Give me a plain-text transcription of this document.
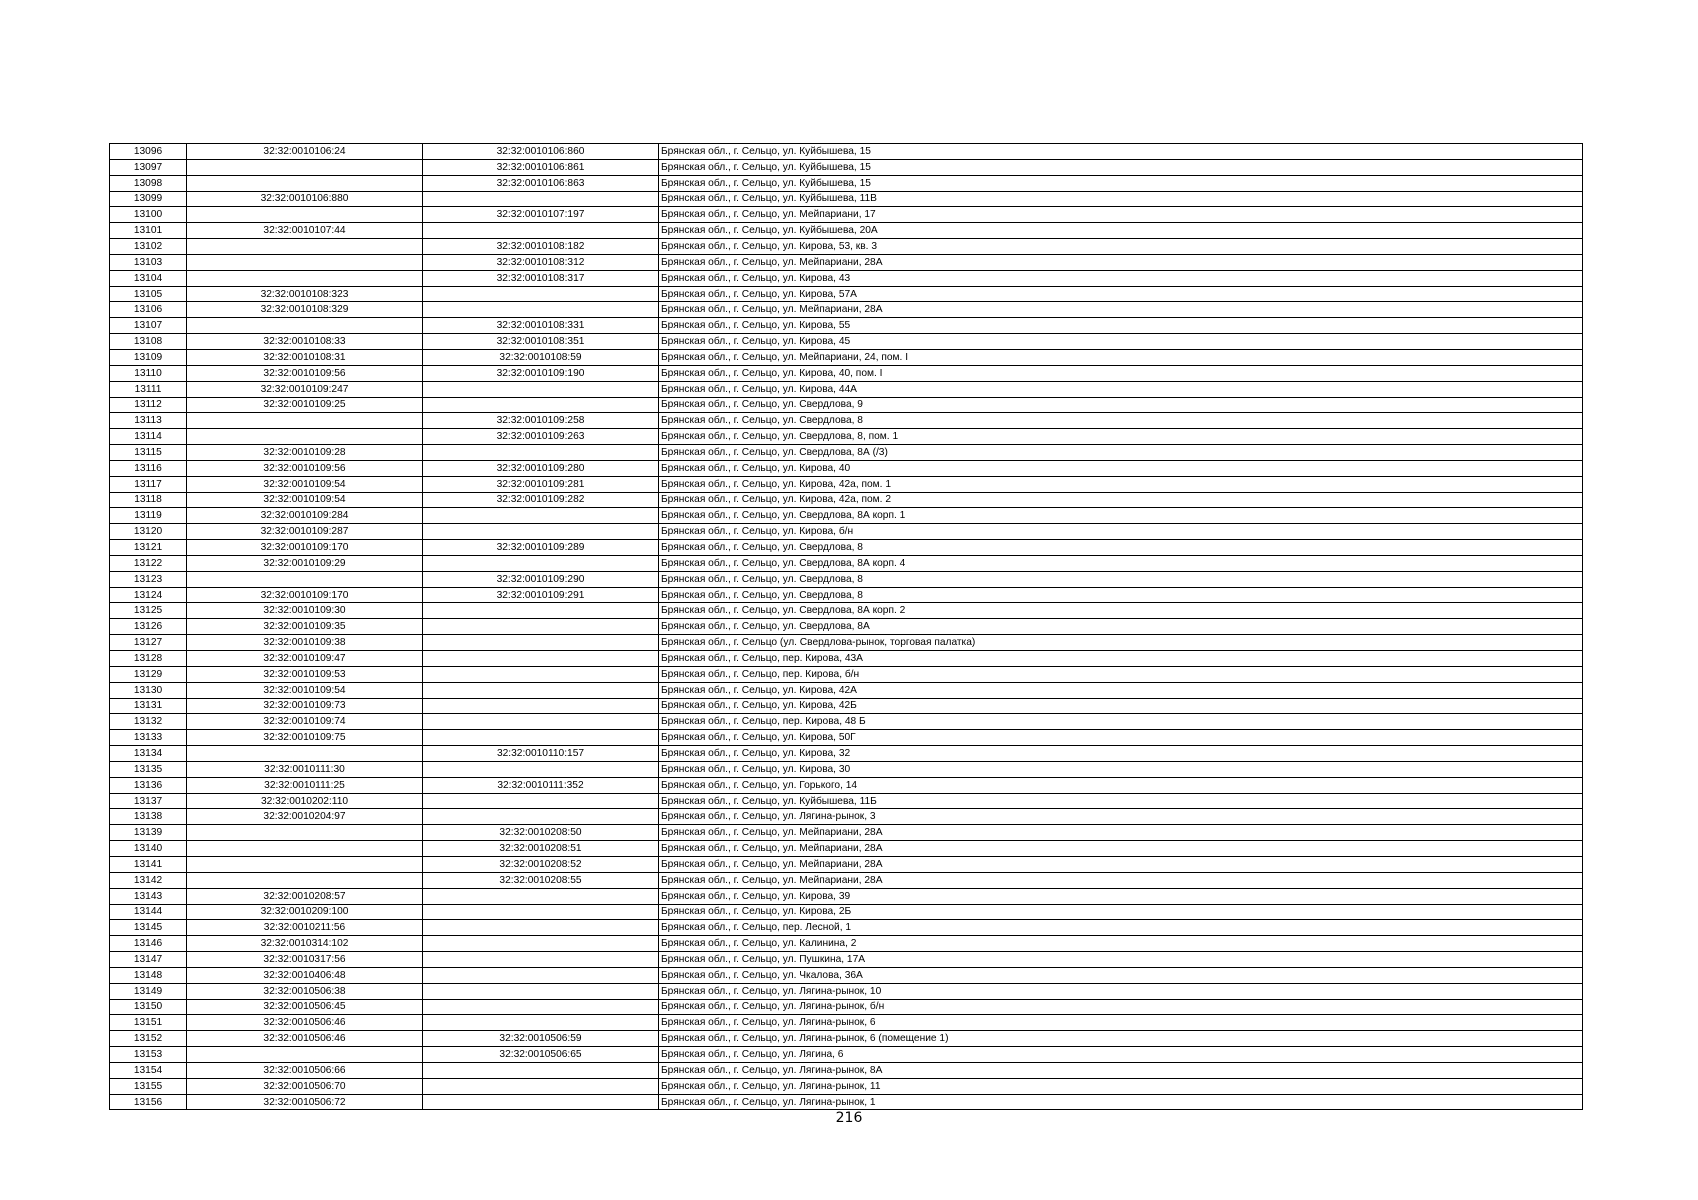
13096	32:32:0010106:24	32:32:0010106:860	Брянская обл., г. Сельцо, ул. Куйбышева, 15
13097		32:32:0010106:861	Брянская обл., г. Сельцо, ул. Куйбышева, 15
13098		32:32:0010106:863	Брянская обл., г. Сельцо, ул. Куйбышева, 15
13099	32:32:0010106:880		Брянская обл., г. Сельцо, ул. Куйбышева, 11В
13100		32:32:0010107:197	Брянская обл., г. Сельцо, ул. Мейпариани, 17
13101	32:32:0010107:44		Брянская обл., г. Сельцо, ул. Куйбышева, 20А
13102		32:32:0010108:182	Брянская обл., г. Сельцо, ул. Кирова, 53, кв. 3
13103		32:32:0010108:312	Брянская обл., г. Сельцо, ул. Мейпариани, 28А
13104		32:32:0010108:317	Брянская обл., г. Сельцо, ул. Кирова, 43
13105	32:32:0010108:323		Брянская обл., г. Сельцо, ул. Кирова, 57А
13106	32:32:0010108:329		Брянская обл., г. Сельцо, ул. Мейпариани, 28А
13107		32:32:0010108:331	Брянская обл., г. Сельцо, ул. Кирова, 55
13108	32:32:0010108:33	32:32:0010108:351	Брянская обл., г. Сельцо, ул. Кирова, 45
13109	32:32:0010108:31	32:32:0010108:59	Брянская обл., г. Сельцо, ул. Мейпариани, 24, пом. I
13110	32:32:0010109:56	32:32:0010109:190	Брянская обл., г. Сельцо, ул. Кирова, 40, пом. I
13111	32:32:0010109:247		Брянская обл., г. Сельцо, ул. Кирова, 44А
13112	32:32:0010109:25		Брянская обл., г. Сельцо, ул. Свердлова, 9
13113		32:32:0010109:258	Брянская обл., г. Сельцо, ул. Свердлова, 8
13114		32:32:0010109:263	Брянская обл., г. Сельцо, ул. Свердлова, 8, пом. 1
13115	32:32:0010109:28		Брянская обл., г. Сельцо, ул. Свердлова, 8А (/3)
13116	32:32:0010109:56	32:32:0010109:280	Брянская обл., г. Сельцо, ул. Кирова, 40
13117	32:32:0010109:54	32:32:0010109:281	Брянская обл., г. Сельцо, ул. Кирова, 42а, пом. 1
13118	32:32:0010109:54	32:32:0010109:282	Брянская обл., г. Сельцо, ул. Кирова, 42а, пом. 2
13119	32:32:0010109:284		Брянская обл., г. Сельцо, ул. Свердлова, 8А корп. 1
13120	32:32:0010109:287		Брянская обл., г. Сельцо, ул. Кирова, б/н
13121	32:32:0010109:170	32:32:0010109:289	Брянская обл., г. Сельцо, ул. Свердлова, 8
13122	32:32:0010109:29		Брянская обл., г. Сельцо, ул. Свердлова, 8А корп. 4
13123		32:32:0010109:290	Брянская обл., г. Сельцо, ул. Свердлова, 8
13124	32:32:0010109:170	32:32:0010109:291	Брянская обл., г. Сельцо, ул. Свердлова, 8
13125	32:32:0010109:30		Брянская обл., г. Сельцо, ул. Свердлова, 8А корп. 2
13126	32:32:0010109:35		Брянская обл., г. Сельцо, ул. Свердлова, 8А
13127	32:32:0010109:38		Брянская обл., г. Сельцо (ул. Свердлова-рынок, торговая палатка)
13128	32:32:0010109:47		Брянская обл., г. Сельцо, пер. Кирова, 43А
13129	32:32:0010109:53		Брянская обл., г. Сельцо, пер. Кирова, б/н
13130	32:32:0010109:54		Брянская обл., г. Сельцо, ул. Кирова, 42А
13131	32:32:0010109:73		Брянская обл., г. Сельцо, ул. Кирова, 42Б
13132	32:32:0010109:74		Брянская обл., г. Сельцо, пер. Кирова, 48 Б
13133	32:32:0010109:75		Брянская обл., г. Сельцо, ул. Кирова, 50Г
13134		32:32:0010110:157	Брянская обл., г. Сельцо, ул. Кирова, 32
13135	32:32:0010111:30		Брянская обл., г. Сельцо, ул. Кирова, 30
13136	32:32:0010111:25	32:32:0010111:352	Брянская обл., г. Сельцо, ул. Горького, 14
13137	32:32:0010202:110		Брянская обл., г. Сельцо, ул. Куйбышева, 11Б
13138	32:32:0010204:97		Брянская обл., г. Сельцо, ул. Лягина-рынок, 3
13139		32:32:0010208:50	Брянская обл., г. Сельцо, ул. Мейпариани, 28А
13140		32:32:0010208:51	Брянская обл., г. Сельцо, ул. Мейпариани, 28А
13141		32:32:0010208:52	Брянская обл., г. Сельцо, ул. Мейпариани, 28А
13142		32:32:0010208:55	Брянская обл., г. Сельцо, ул. Мейпариани, 28А
13143	32:32:0010208:57		Брянская обл., г. Сельцо, ул. Кирова, 39
13144	32:32:0010209:100		Брянская обл., г. Сельцо, ул. Кирова, 2Б
13145	32:32:0010211:56		Брянская обл., г. Сельцо, пер. Лесной, 1
13146	32:32:0010314:102		Брянская обл., г. Сельцо, ул. Калинина, 2
13147	32:32:0010317:56		Брянская обл., г. Сельцо, ул. Пушкина, 17А
13148	32:32:0010406:48		Брянская обл., г. Сельцо, ул. Чкалова, 36А
13149	32:32:0010506:38		Брянская обл., г. Сельцо, ул. Лягина-рынок, 10
13150	32:32:0010506:45		Брянская обл., г. Сельцо, ул. Лягина-рынок, б/н
13151	32:32:0010506:46		Брянская обл., г. Сельцо, ул. Лягина-рынок, 6
13152	32:32:0010506:46	32:32:0010506:59	Брянская обл., г. Сельцо, ул. Лягина-рынок, 6 (помещение 1)
13153		32:32:0010506:65	Брянская обл., г. Сельцо, ул. Лягина, 6
13154	32:32:0010506:66		Брянская обл., г. Сельцо, ул. Лягина-рынок, 8А
13155	32:32:0010506:70		Брянская обл., г. Сельцо, ул. Лягина-рынок, 11
13156	32:32:0010506:72		Брянская обл., г. Сельцо, ул. Лягина-рынок, 1
216
